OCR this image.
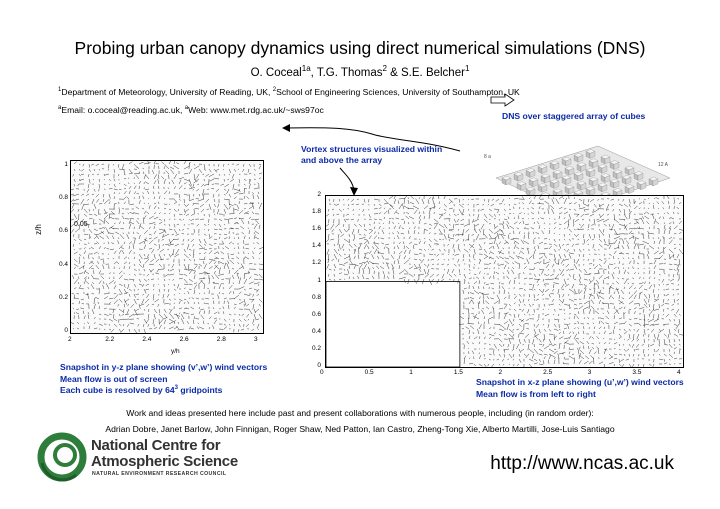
Probing urban canopy dynamics using direct numerical simulations (DNS)
O. Coceal$^{1a}$, T.G. Thomas$^2$ & S.E. Belcher$^1$
$^1$Department of Meteorology, University of Reading, UK, $^2$School of Engineering Sciences, University of Southampton, UK
$^a$Email: o.coceal@reading.ac.uk, $^a$Web: www.met.rdg.ac.uk/~sws97oc
DNS over staggered array of cubes
8 a
12 A
Vortex structures visualized within
and above the array
z/h	0.05
1
0.8
0.6
0.4
0.2
0
2	2.2	2.4	2.6	2.8	3
y/h
Snapshot in y-z plane showing (v’,w’) wind vectors
Mean flow is out of screen
Each cube is resolved by $64^3$ gridpoints
2
1.8
1.6
1.4
1.2
1
0.8
0.6
0.4
0.2
0
0	0.5	1	1.5	2	2.5	3	3.5	4
Snapshot in x-z plane showing (u’,w’) wind vectors
Mean flow is from left to right
Work and ideas presented here include past and present collaborations with numerous people, including (in random order):
Adrian Dobre, Janet Barlow, John Finnigan, Roger Shaw, Ned Patton, Ian Castro, Zheng-Tong Xie, Alberto Martilli, Jose-Luis Santiago
National Centre for
Atmospheric Science
NATURAL ENVIRONMENT RESEARCH COUNCIL	http://www.ncas.ac.uk
